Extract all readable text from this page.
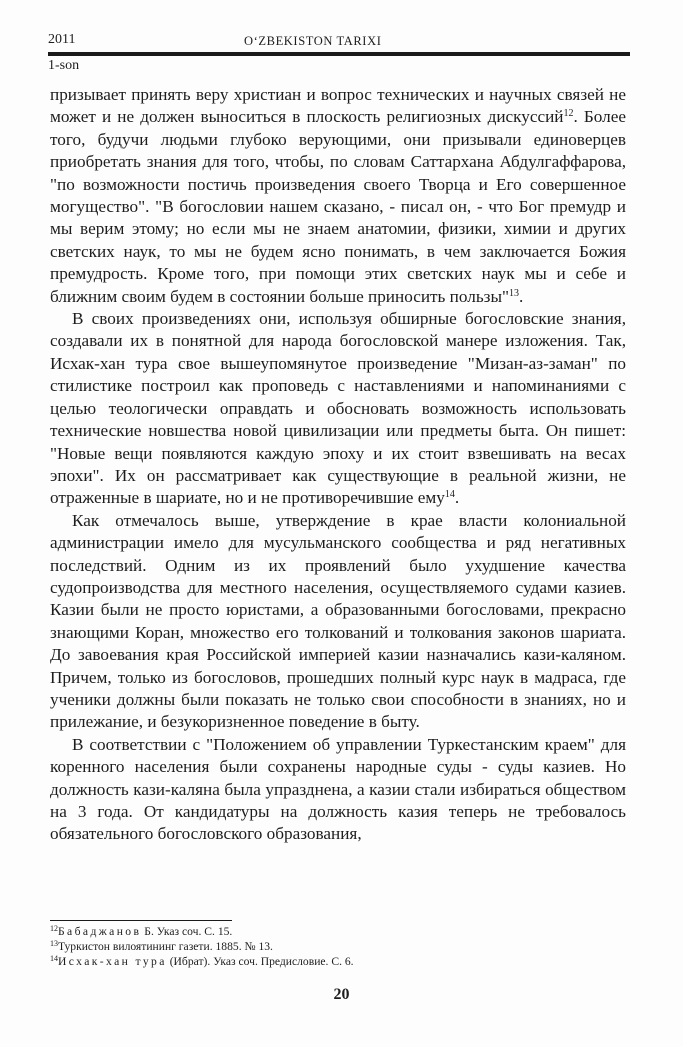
2011	O‘ZBEKISTON TARIXI
1-son

призывает принять веру христиан и вопрос технических и научных связей не может и не должен выноситься в плоскость религиозных дискуссий$^{12}$. Более того, будучи людьми глубоко верующими, они призывали единоверцев приобретать знания для того, чтобы, по словам Саттархана Абдулгаффарова, "по возможности постичь произведения своего Творца и Его совершенное могущество". "В богословии нашем сказано, - писал он, - что Бог премудр и мы верим этому; но если мы не знаем анатомии, физики, химии и других светских наук, то мы не будем ясно понимать, в чем заключается Божия премудрость. Кроме того, при помощи этих светских наук мы и себе и ближним своим будем в состоянии больше приносить пользы"$^{13}$.

В своих произведениях они, используя обширные богословские знания, создавали их в понятной для народа богословской манере изложения. Так, Исхак-хан тура свое вышеупомянутое произведение "Мизан-аз-заман" по стилистике построил как проповедь с наставлениями и напоминаниями с целью теологически оправдать и обосновать возможность использовать технические новшества новой цивилизации или предметы быта. Он пишет: "Новые вещи появляются каждую эпоху и их стоит взвешивать на весах эпохи". Их он рассматривает как существующие в реальной жизни, не отраженные в шариате, но и не противоречившие ему$^{14}$.

Как отмечалось выше, утверждение в крае власти колониальной администрации имело для мусульманского сообщества и ряд негативных последствий. Одним из их проявлений было ухудшение качества судопроизводства для местного населения, осуществляемого судами казиев. Казии были не просто юристами, а образованными богословами, прекрасно знающими Коран, множество его толкований и толкования законов шариата. До завоевания края Российской империей казии назначались кази-каляном. Причем, только из богословов, прошедших полный курс наук в мадраса, где ученики должны были показать не только свои способности в знаниях, но и прилежание, и безукоризненное поведение в быту.

В соответствии с "Положением об управлении Туркестанским краем" для коренного населения были сохранены народные суды - суды казиев. Но должность кази-каляна была упразднена, а казии стали избираться обществом на 3 года. От кандидатуры на должность казия теперь не требовалось обязательного богословского образования,

$^{12}$Бабаджанов Б. Указ соч. С. 15.
$^{13}$Туркистон вилоятининг газети. 1885. № 13.
$^{14}$Исхак-хан тура (Ибрат). Указ соч. Предисловие. С. 6.
20
